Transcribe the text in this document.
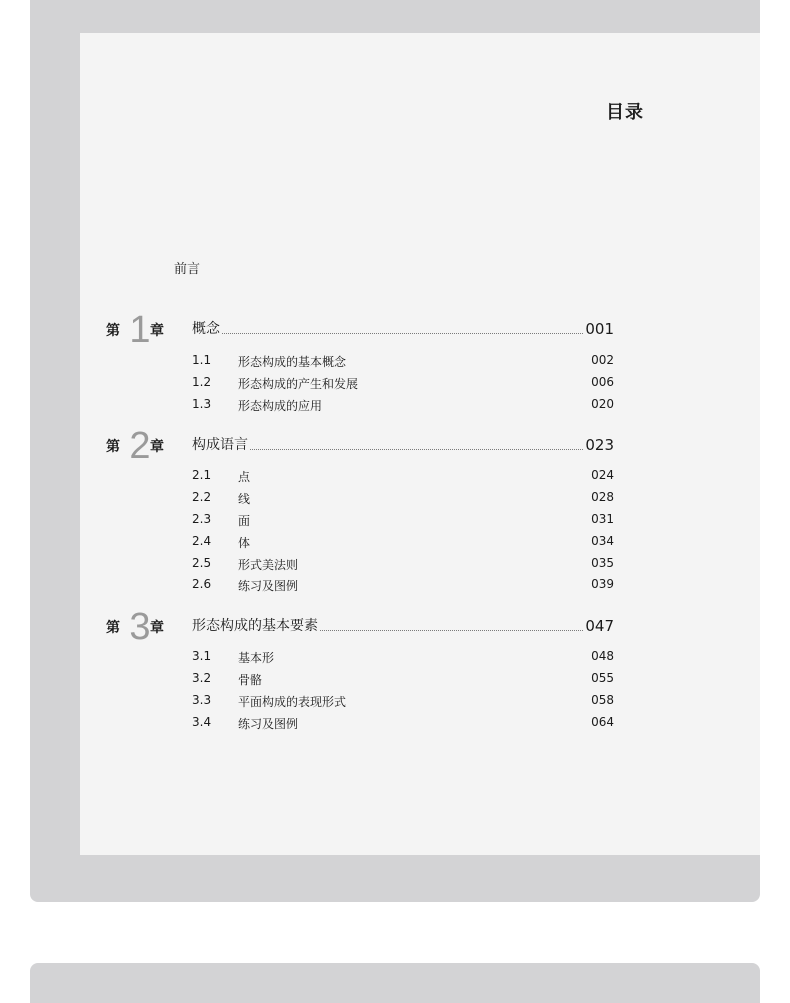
目录
前言
第 1 章 概念	001
1.1 形态构成的基本概念	002
1.2 形态构成的产生和发展	006
1.3 形态构成的应用	020
第 2 章 构成语言	023
2.1 点	024
2.2 线	028
2.3 面	031
2.4 体	034
2.5 形式美法则	035
2.6 练习及图例	039
第 3 章 形态构成的基本要素	047
3.1 基本形	048
3.2 骨骼	055
3.3 平面构成的表现形式	058
3.4 练习及图例	064
